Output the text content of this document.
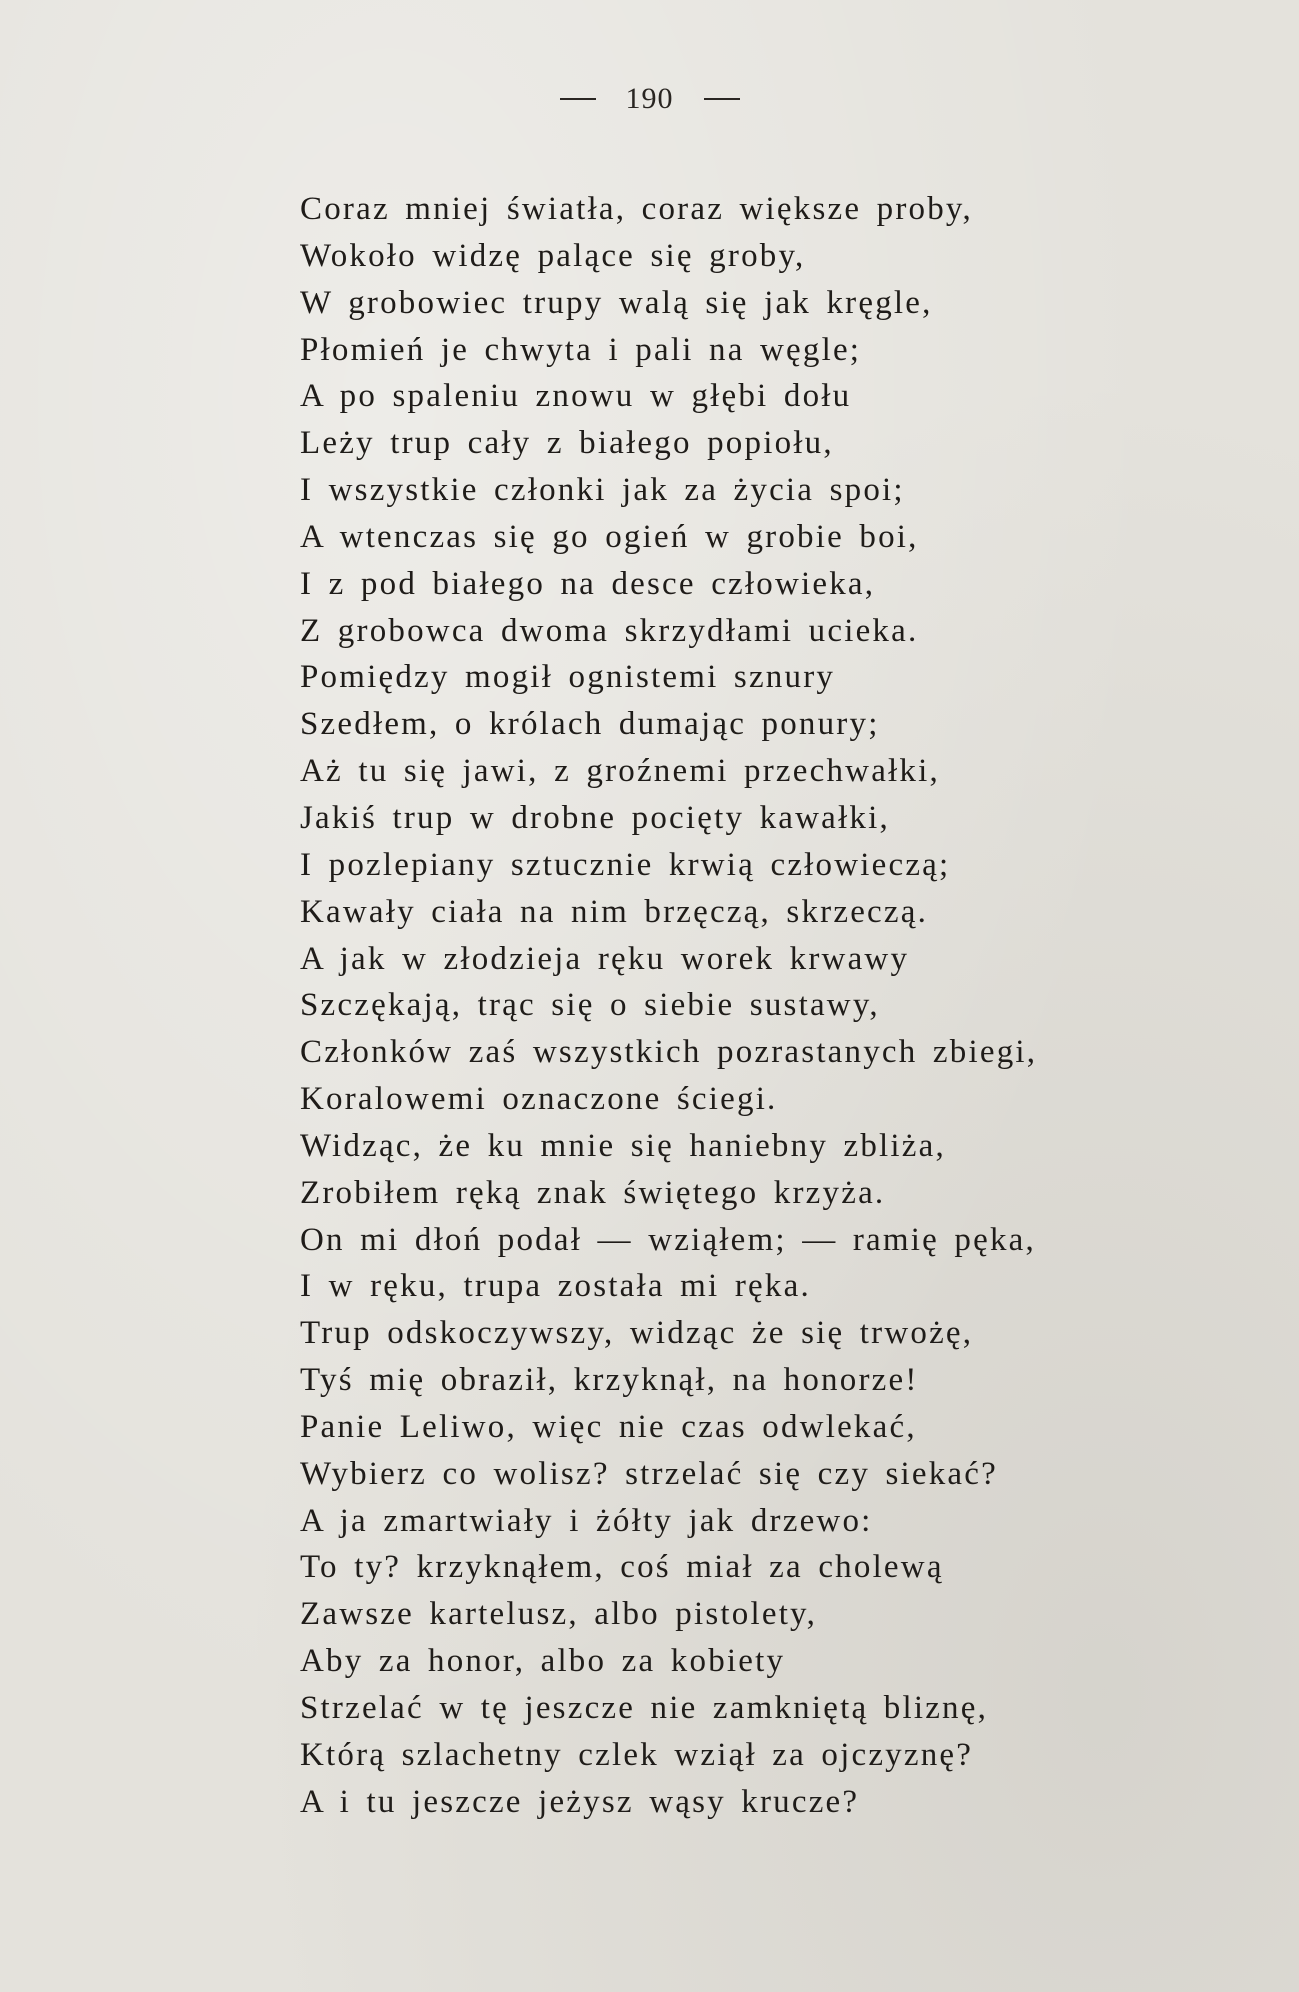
190
Coraz mniej światła, coraz większe proby,
Wokoło widzę palące się groby,
W grobowiec trupy walą się jak kręgle,
Płomień je chwyta i pali na węgle;
A po spaleniu znowu w głębi dołu
Leży trup cały z białego popiołu,
I wszystkie członki jak za życia spoi;
A wtenczas się go ogień w grobie boi,
I z pod białego na desce człowieka,
Z grobowca dwoma skrzydłami ucieka.
Pomiędzy mogił ognistemi sznury
Szedłem, o królach dumając ponury;
Aż tu się jawi, z groźnemi przechwałki,
Jakiś trup w drobne pocięty kawałki,
I pozlepiany sztucznie krwią człowieczą;
Kawały ciała na nim brzęczą, skrzeczą.
A jak w złodzieja ręku worek krwawy
Szczękają, trąc się o siebie sustawy,
Członków zaś wszystkich pozrastanych zbiegi,
Koralowemi oznaczone ściegi.
Widząc, że ku mnie się haniebny zbliża,
Zrobiłem ręką znak świętego krzyża.
On mi dłoń podał — wziąłem; — ramię pęka,
I w ręku, trupa została mi ręka.
Trup odskoczywszy, widząc że się trwożę,
Tyś mię obraził, krzyknął, na honorze!
Panie Leliwo, więc nie czas odwlekać,
Wybierz co wolisz? strzelać się czy siekać?
A ja zmartwiały i żółty jak drzewo:
To ty? krzyknąłem, coś miał za cholewą
Zawsze kartelusz, albo pistolety,
Aby za honor, albo za kobiety
Strzelać w tę jeszcze nie zamkniętą bliznę,
Którą szlachetny czlek wziął za ojczyznę?
A i tu jeszcze jeżysz wąsy krucze?
